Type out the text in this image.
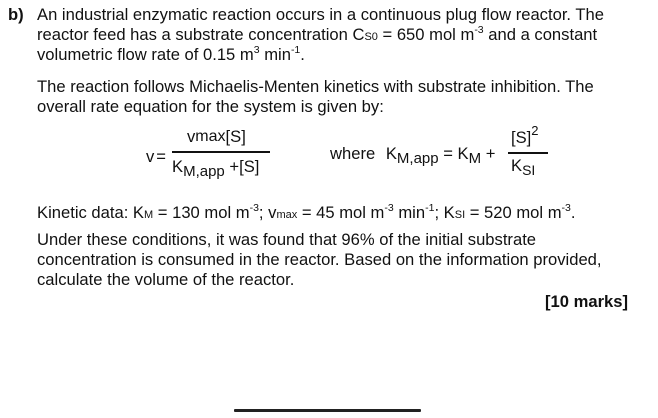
b) An industrial enzymatic reaction occurs in a continuous plug flow reactor. The
reactor feed has a substrate concentration CS0 = 650 mol $m^{-3}$ and a constant
volumetric flow rate of 0.15 $m^3$ $\min^{-1}$.
The reaction follows Michaelis-Menten kinetics with substrate inhibition. The
overall rate equation for the system is given by:
v =
vmax[S]
KM,app +[S]
where KM,app = KM +
$[S]^2$
$K_{SI}$
Kinetic data: KM = 130 mol $m^{-3}$; vmax = 45 mol $m^{-3}$ $\min^{-1}$; KSI = 520 mol $m^{-3}$.
Under these conditions, it was found that 96% of the initial substrate
concentration is consumed in the reactor. Based on the information provided,
calculate the volume of the reactor.
[10 marks]
